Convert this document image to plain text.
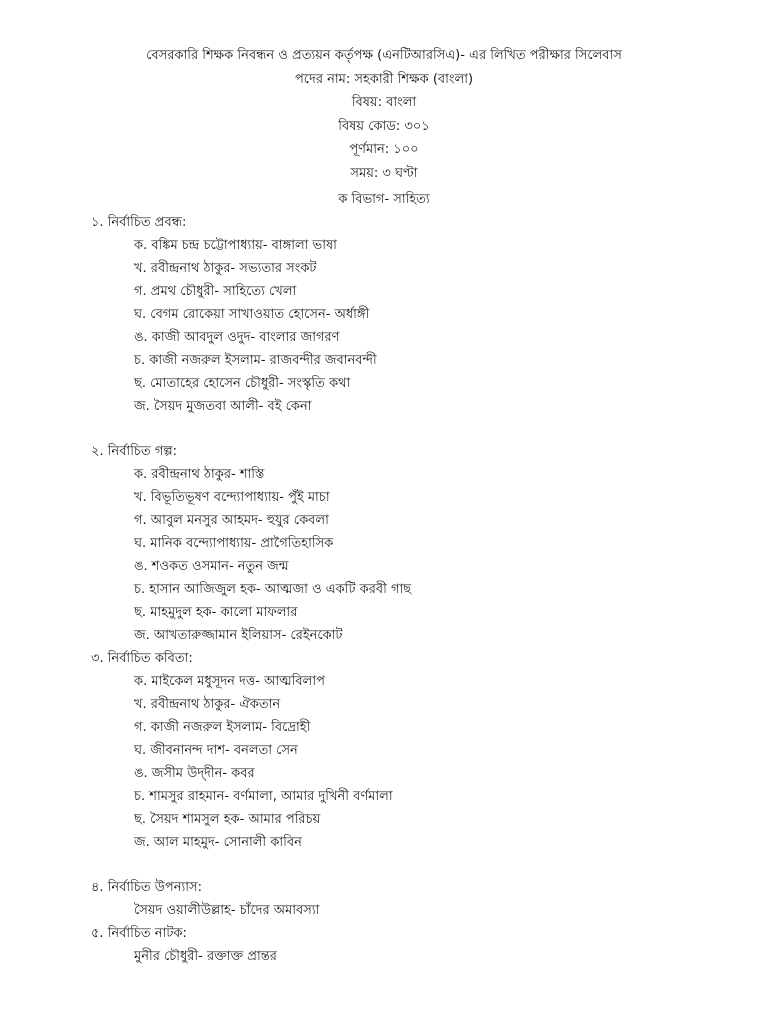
বেসরকারি শিক্ষক নিবন্ধন ও প্রত্যয়ন কর্তৃপক্ষ (এনটিআরসিএ)- এর লিখিত পরীক্ষার সিলেবাস
পদের নাম: সহকারী শিক্ষক (বাংলা)
বিষয়: বাংলা
বিষয় কোড: ৩০১
পূর্ণমান: ১০০
সময়: ৩ ঘণ্টা
ক বিভাগ- সাহিত্য
১. নির্বাচিত প্রবন্ধ:
ক. বঙ্কিম চন্দ্র চট্টোপাধ্যায়- বাঙ্গালা ভাষা
খ. রবীন্দ্রনাথ ঠাকুর- সভ্যতার সংকট
গ. প্রমথ চৌধুরী- সাহিত্যে খেলা
ঘ. বেগম রোকেয়া সাখাওয়াত হোসেন- অর্ধাঙ্গী
ঙ. কাজী আবদুল ওদুদ- বাংলার জাগরণ
চ. কাজী নজরুল ইসলাম- রাজবন্দীর জবানবন্দী
ছ. মোতাহের হোসেন চৌধুরী- সংস্কৃতি কথা
জ. সৈয়দ মুজতবা আলী- বই কেনা
২. নির্বাচিত গল্প:
ক. রবীন্দ্রনাথ ঠাকুর- শাস্তি
খ. বিভূতিভূষণ বন্দ্যোপাধ্যায়- পুঁই মাচা
গ. আবুল মনসুর আহমদ- হুযুর কেবলা
ঘ. মানিক বন্দ্যোপাধ্যায়- প্রাগৈতিহাসিক
ঙ. শওকত ওসমান- নতুন জন্ম
চ. হাসান আজিজুল হক- আত্মজা ও একটি করবী গাছ
ছ. মাহমুদুল হক- কালো মাফলার
জ. আখতারুজ্জামান ইলিয়াস- রেইনকোট
৩. নির্বাচিত কবিতা:
ক. মাইকেল মধুসূদন দত্ত- আত্মবিলাপ
খ. রবীন্দ্রনাথ ঠাকুর- ঐকতান
গ. কাজী নজরুল ইসলাম- বিদ্রোহী
ঘ. জীবনানন্দ দাশ- বনলতা সেন
ঙ. জসীম উদ্‌দীন- কবর
চ. শামসুর রাহমান- বর্ণমালা, আমার দুখিনী বর্ণমালা
ছ. সৈয়দ শামসুল হক- আমার পরিচয়
জ. আল মাহমুদ- সোনালী কাবিন
৪. নির্বাচিত উপন্যাস:
সৈয়দ ওয়ালীউল্লাহ- চাঁদের অমাবস্যা
৫. নির্বাচিত নাটক:
মুনীর চৌধুরী- রক্তাক্ত প্রান্তর
